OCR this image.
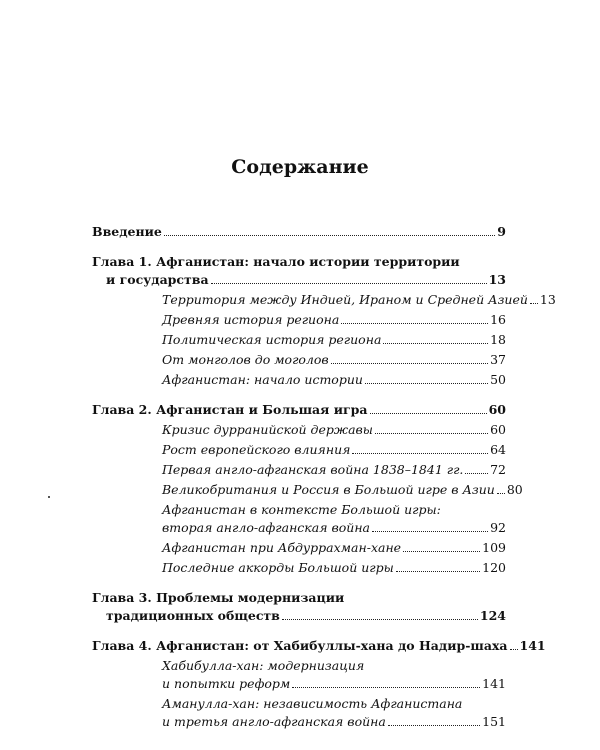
Содержание
Введение	9
Глава 1. Афганистан: начало истории территории
и государства	13
Территория между Индией, Ираном и Средней Азией 13
Древняя история региона	16
Политическая история региона	18
От монголов до моголов	37
Афганистан: начало истории	50
Глава 2. Афганистан и Большая игра	60
Кризис дурранийской державы	60
Рост европейского влияния	64
Первая англо-афганская война 1838–1841 гг. 72
Великобритания и Россия в Большой игре в Азии 80
Афганистан в контексте Большой игры:
вторая англо-афганская война	92
Афганистан при Абдуррахман-хане	109
Последние аккорды Большой игры	120
Глава 3. Проблемы модернизации
традиционных обществ	124
Глава 4. Афганистан: от Хабибуллы-хана до Надир-шаха 141
Хабибулла-хан: модернизация
и попытки реформ	141
Аманулла-хан: независимость Афганистана
и третья англо-афганская война	151
